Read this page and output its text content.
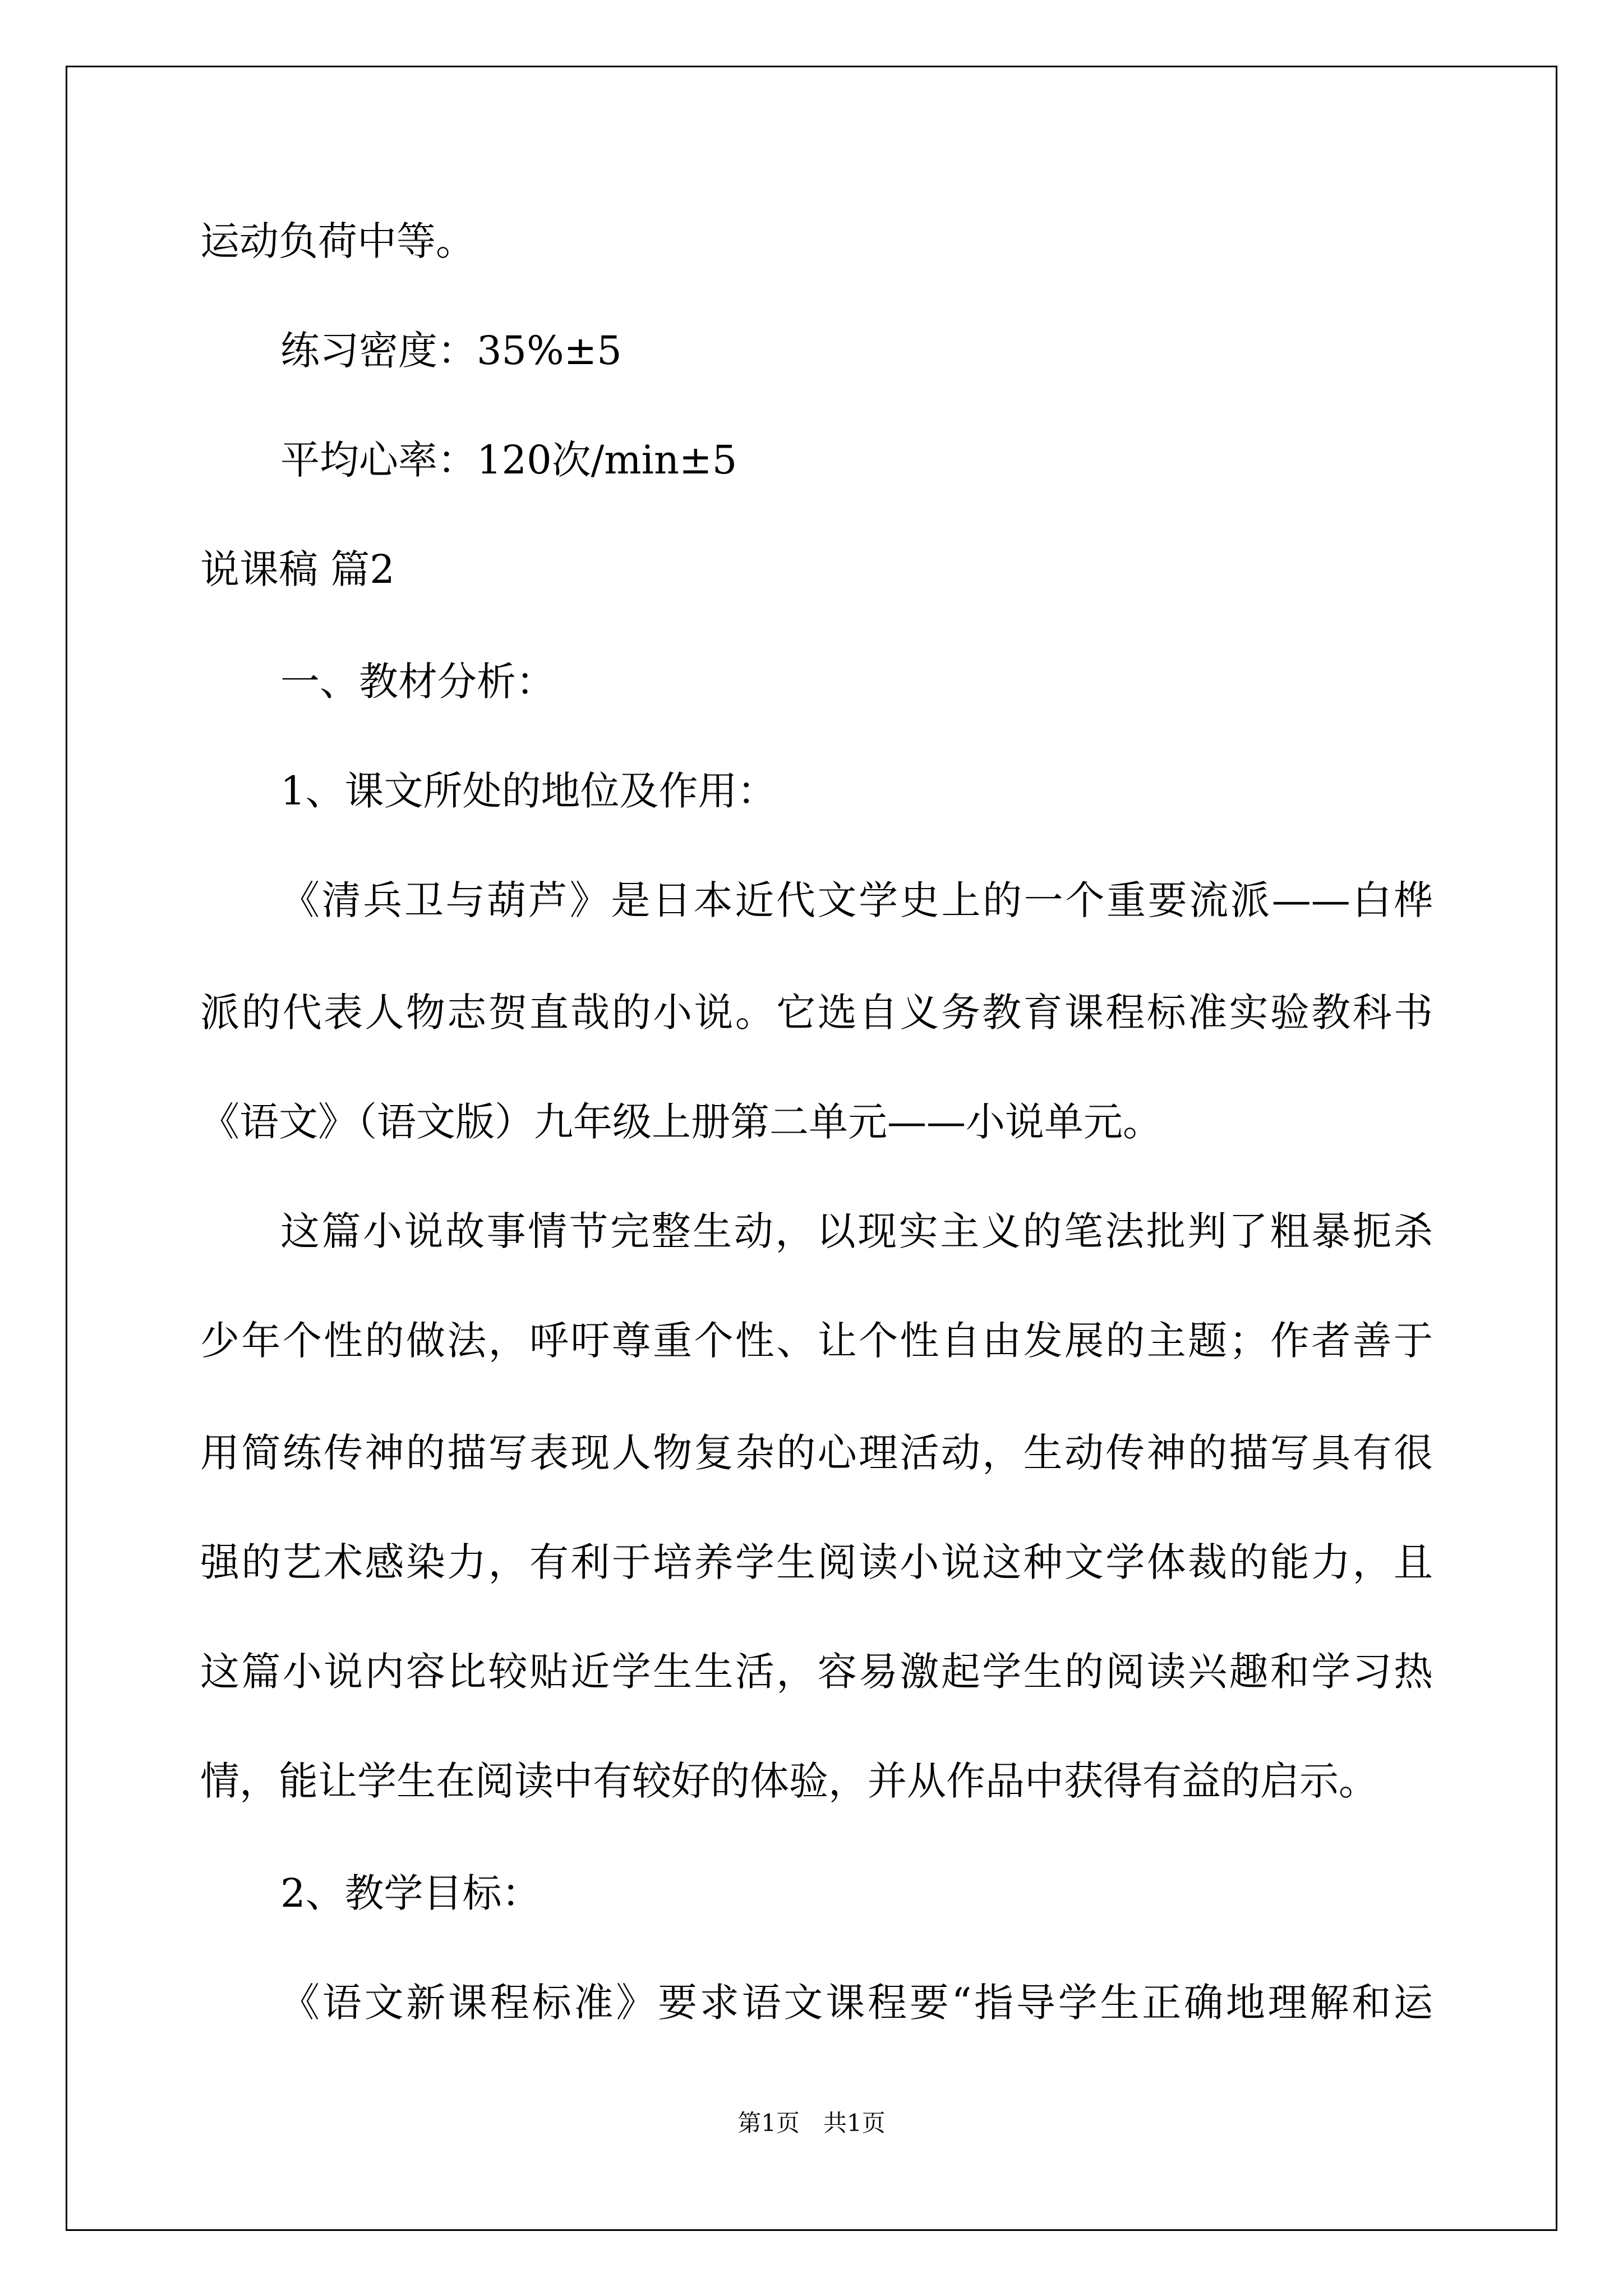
运动负荷中等。

练习密度：35%±5

平均心率：120次/min±5

说课稿 篇2

一、教材分析：

1、课文所处的地位及作用：

《清兵卫与葫芦》是日本近代文学史上的一个重要流派——白桦

派的代表人物志贺直哉的小说。它选自义务教育课程标准实验教科书

《语文》（语文版）九年级上册第二单元——小说单元。

这篇小说故事情节完整生动，以现实主义的笔法批判了粗暴扼杀

少年个性的做法，呼吁尊重个性、让个性自由发展的主题；作者善于

用简练传神的描写表现人物复杂的心理活动，生动传神的描写具有很

强的艺术感染力，有利于培养学生阅读小说这种文学体裁的能力，且

这篇小说内容比较贴近学生生活，容易激起学生的阅读兴趣和学习热

情，能让学生在阅读中有较好的体验，并从作品中获得有益的启示。

2、教学目标：

《语文新课程标准》要求语文课程要“指导学生正确地理解和运

第1页　共1页
